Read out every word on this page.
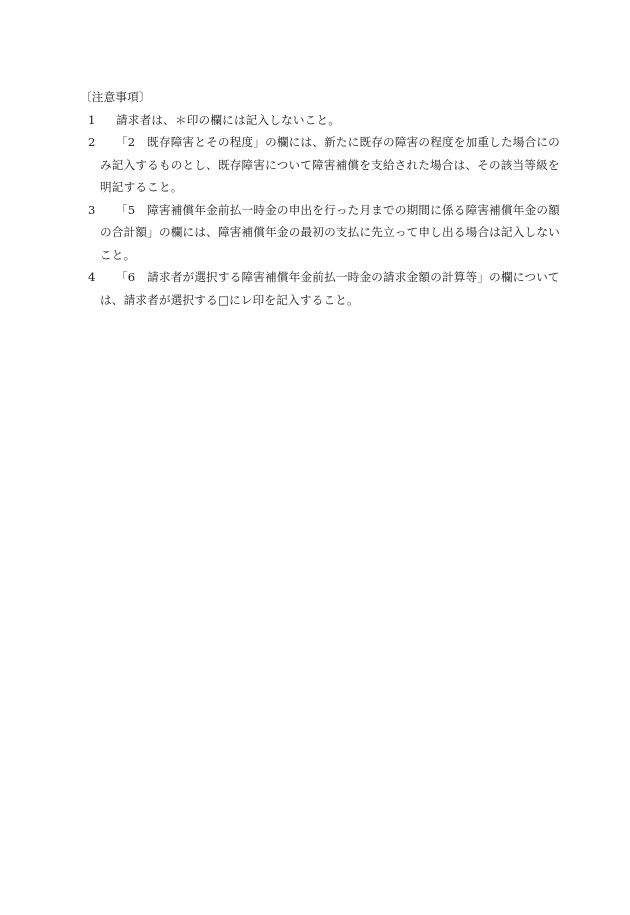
〔注意事項〕
1	請求者は、＊印の欄には記入しないこと。
2	「2　既存障害とその程度」の欄には、新たに既存の障害の程度を加重した場合にの
み記入するものとし、既存障害について障害補償を支給された場合は、その該当等級を
明記すること。
3	「5　障害補償年金前払一時金の申出を行った月までの期間に係る障害補償年金の額
の合計額」の欄には、障害補償年金の最初の支払に先立って申し出る場合は記入しない
こと。
4	「6　請求者が選択する障害補償年金前払一時金の請求金額の計算等」の欄について
は、請求者が選択する□にレ印を記入すること。
